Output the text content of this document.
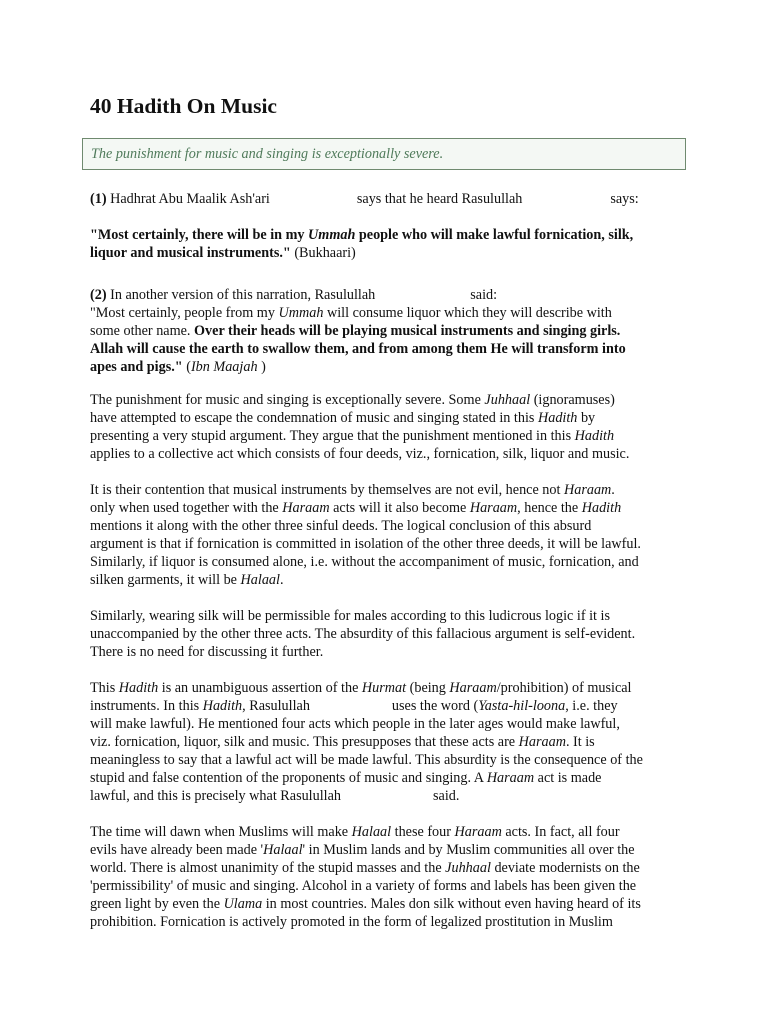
40 Hadith On Music
The punishment for music and singing is exceptionally severe.

(1) Hadhrat Abu Maalik Ash'ari	says that he heard Rasulullah	says:

"Most certainly, there will be in my Ummah people who will make lawful fornication, silk,
liquor and musical instruments." (Bukhaari)

(2) In another version of this narration, Rasulullah	said:
"Most certainly, people from my Ummah will consume liquor which they will describe with
some other name. Over their heads will be playing musical instruments and singing girls.
Allah will cause the earth to swallow them, and from among them He will transform into
apes and pigs." (Ibn Maajah )

The punishment for music and singing is exceptionally severe. Some Juhhaal (ignoramuses)
have attempted to escape the condemnation of music and singing stated in this Hadith by
presenting a very stupid argument. They argue that the punishment mentioned in this Hadith
applies to a collective act which consists of four deeds, viz., fornication, silk, liquor and music.

It is their contention that musical instruments by themselves are not evil, hence not Haraam.
only when used together with the Haraam acts will it also become Haraam, hence the Hadith
mentions it along with the other three sinful deeds. The logical conclusion of this absurd
argument is that if fornication is committed in isolation of the other three deeds, it will be lawful.
Similarly, if liquor is consumed alone, i.e. without the accompaniment of music, fornication, and
silken garments, it will be Halaal.

Similarly, wearing silk will be permissible for males according to this ludicrous logic if it is
unaccompanied by the other three acts. The absurdity of this fallacious argument is self-evident.
There is no need for discussing it further.

This Hadith is an unambiguous assertion of the Hurmat (being Haraam/prohibition) of musical
instruments. In this Hadith, Rasulullah	uses the word (Yasta-hil-loona, i.e. they
will make lawful). He mentioned four acts which people in the later ages would make lawful,
viz. fornication, liquor, silk and music. This presupposes that these acts are Haraam. It is
meaningless to say that a lawful act will be made lawful. This absurdity is the consequence of the
stupid and false contention of the proponents of music and singing. A Haraam act is made
lawful, and this is precisely what Rasulullah	said.

The time will dawn when Muslims will make Halaal these four Haraam acts. In fact, all four
evils have already been made 'Halaal' in Muslim lands and by Muslim communities all over the
world. There is almost unanimity of the stupid masses and the Juhhaal deviate modernists on the
'permissibility' of music and singing. Alcohol in a variety of forms and labels has been given the
green light by even the Ulama in most countries. Males don silk without even having heard of its
prohibition. Fornication is actively promoted in the form of legalized prostitution in Muslim
